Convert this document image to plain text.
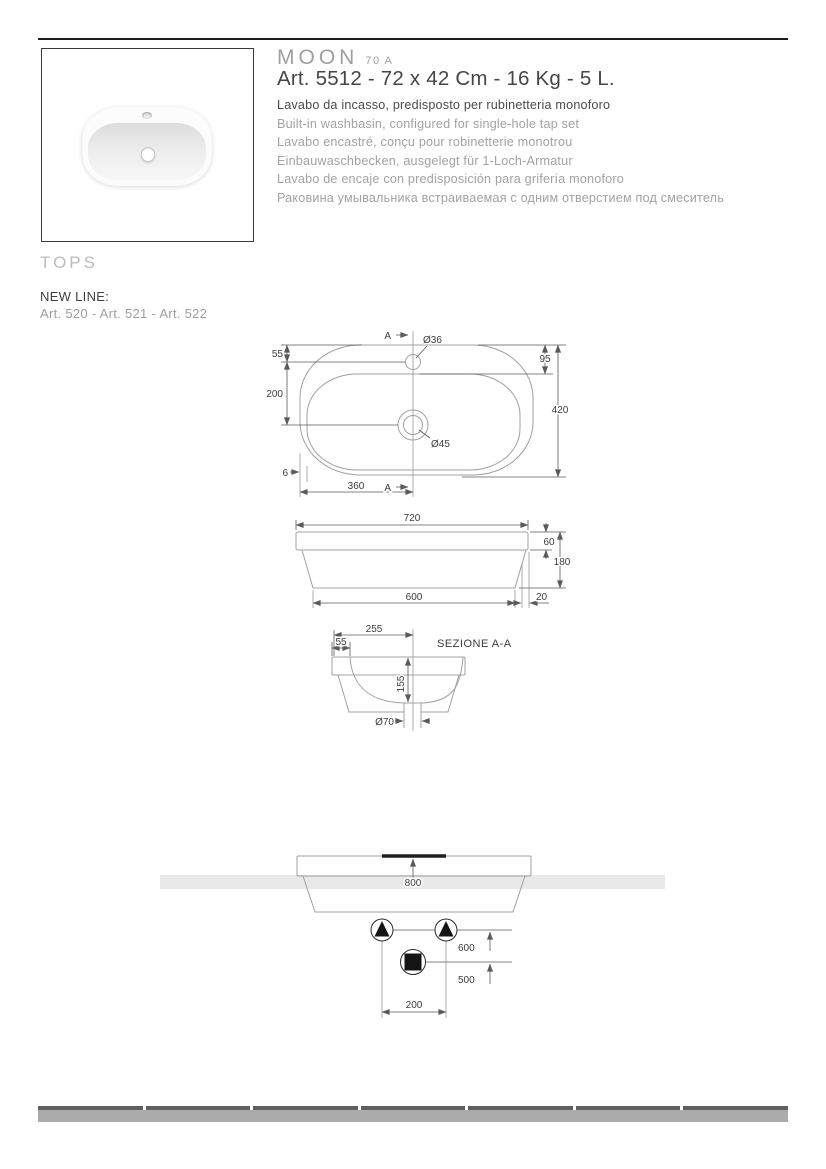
MOON 70 A
Art. 5512 - 72 x 42 Cm - 16 Kg - 5 L.
Lavabo da incasso, predisposto per rubinetteria monoforo
Built-in washbasin, configured for single-hole tap set
Lavabo encastré, conçu pour robinetterie monotrou
Einbauwaschbecken, ausgelegt für 1-Loch-Armatur
Lavabo de encaje con predisposición para grifería monoforo
Раковина умывальника встраиваемая с одним отверстием под смеситель
TOPS
NEW LINE:
Art. 520 - Art. 521 - Art. 522
A	Ø36
55
200
95
420
6
360
Ø45
A
720
60
180
600	20
255
55	SEZIONE A-A
155
Ø70
800
600
500
200
